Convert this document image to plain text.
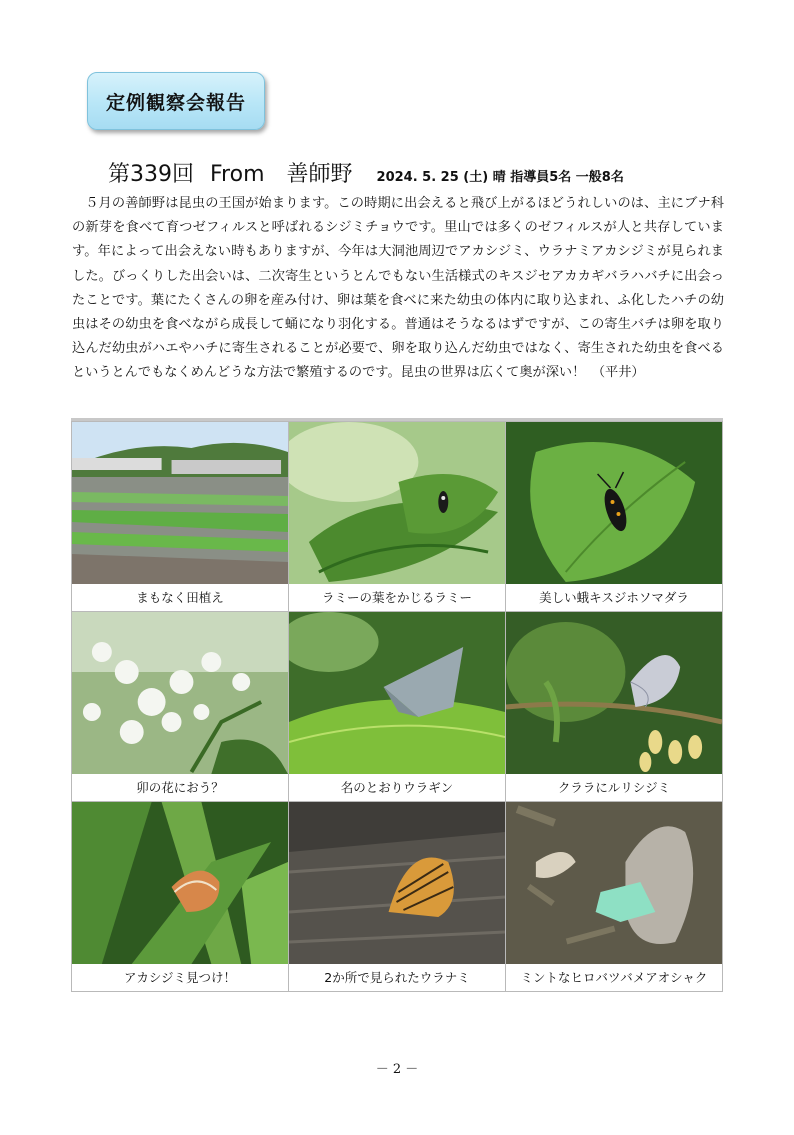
定例観察会報告
第339回 From 善師野 2024. 5. 25 (土) 晴 指導員5名 一般8名

５月の善師野は昆虫の王国が始まります。この時期に出会えると飛び上がるほどうれしいのは、主にブナ科の新芽を食べて育つゼフィルスと呼ばれるシジミチョウです。里山では多くのゼフィルスが人と共存しています。年によって出会えない時もありますが、今年は大洞池周辺でアカシジミ、ウラナミアカシジミが見られました。びっくりした出会いは、二次寄生というとんでもない生活様式のキスジセアカカギバラハバチに出会ったことです。葉にたくさんの卵を産み付け、卵は葉を食べに来た幼虫の体内に取り込まれ、ふ化したハチの幼虫はその幼虫を食べながら成長して蛹になり羽化する。普通はそうなるはずですが、この寄生バチは卵を取り込んだ幼虫がハエやハチに寄生されることが必要で、卵を取り込んだ幼虫ではなく、寄生された幼虫を食べるというとんでもなくめんどうな方法で繁殖するのです。昆虫の世界は広くて奥が深い！　（平井）

まもなく田植え	ラミーの葉をかじるラミー	美しい蛾キスジホソマダラ

卯の花におう？	名のとおりウラギン	クララにルリシジミ

アカシジミ見つけ！	2か所で見られたウラナミ	ミントなヒロバツバメアオシャク
－ 2 －
